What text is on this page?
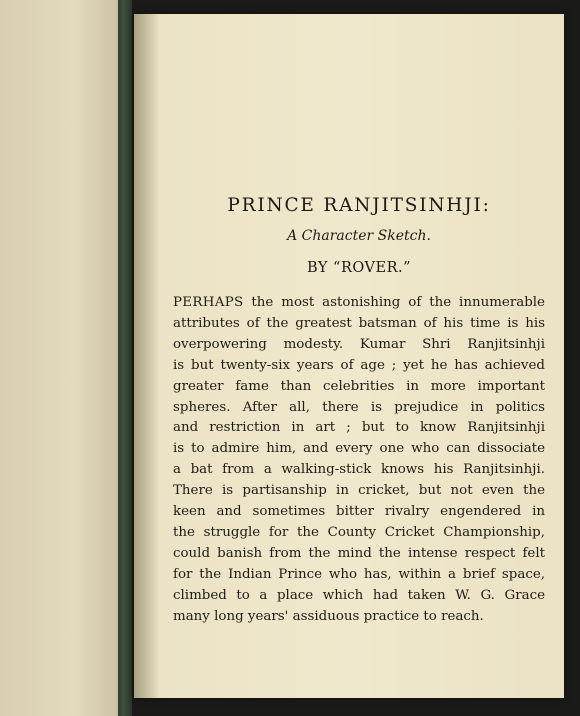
PRINCE RANJITSINHJI:
A Character Sketch.
BY “ROVER.”
PERHAPS the most astonishing of the innumerable
attributes of the greatest batsman of his time is his
overpowering modesty. Kumar Shri Ranjitsinhji
is but twenty-six years of age ; yet he has achieved
greater fame than celebrities in more important
spheres. After all, there is prejudice in politics
and restriction in art ; but to know Ranjitsinhji
is to admire him, and every one who can dissociate
a bat from a walking-stick knows his Ranjitsinhji.
There is partisanship in cricket, but not even the
keen and sometimes bitter rivalry engendered in
the struggle for the County Cricket Championship,
could banish from the mind the intense respect felt
for the Indian Prince who has, within a brief space,
climbed to a place which had taken W. G. Grace
many long years' assiduous practice to reach.
